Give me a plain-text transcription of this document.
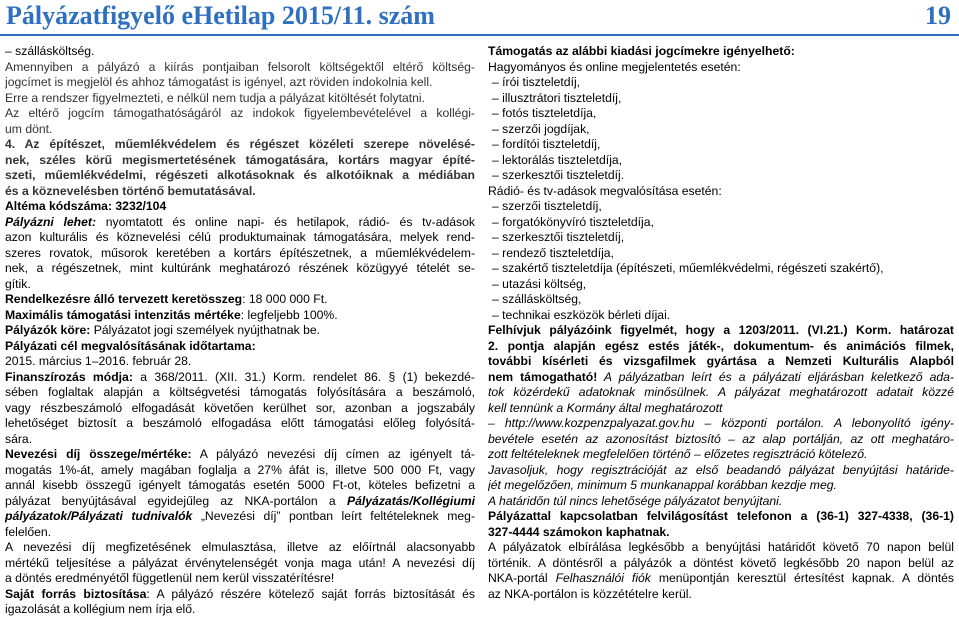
Pályázatfigyelő eHetilap 2015/11. szám	19
– szállásköltség.
Amennyiben a pályázó a kiírás pontjaiban felsorolt költségektől eltérő költség-
jogcímet is megjelöl és ahhoz támogatást is igényel, azt röviden indokolnia kell.
Erre a rendszer figyelmezteti, e nélkül nem tudja a pályázat kitöltését folytatni.
Az eltérő jogcím támogathatóságáról az indokok figyelembevételével a kollégi-
um dönt.
4. Az építészet, műemlékvédelem és régészet közéleti szerepe növelésé-
nek, széles körű megismertetésének támogatására, kortárs magyar építé-
szeti, műemlékvédelmi, régészeti alkotásoknak és alkotóiknak a médiában
és a köznevelésben történő bemutatásával.
Altéma kódszáma: 3232/104
Pályázni lehet: nyomtatott és online napi- és hetilapok, rádió- és tv-adások
azon kulturális és köznevelési célú produktumainak támogatására, melyek rend-
szeres rovatok, műsorok keretében a kortárs építészetnek, a műemlékvédelem-
nek, a régészetnek, mint kultúránk meghatározó részének közügyyé tételét se-
gítik.
Rendelkezésre álló tervezett keretösszeg: 18 000 000 Ft.
Maximális támogatási intenzitás mértéke: legfeljebb 100%.
Pályázók köre: Pályázatot jogi személyek nyújthatnak be.
Pályázati cél megvalósításának időtartama:
2015. március 1–2016. február 28.
Finanszírozás módja: a 368/2011. (XII. 31.) Korm. rendelet 86. § (1) bekezdé-
sében foglaltak alapján a költségvetési támogatás folyósítására a beszámoló,
vagy részbeszámoló elfogadását követően kerülhet sor, azonban a jogszabály
lehetőséget biztosít a beszámoló elfogadása előtt támogatási előleg folyósítá-
sára.
Nevezési díj összege/mértéke: A pályázó nevezési díj címen az igényelt tá-
mogatás 1%-át, amely magában foglalja a 27% áfát is, illetve 500 000 Ft, vagy
annál kisebb összegű igényelt támogatás esetén 5000 Ft-ot, köteles befizetni a
pályázat benyújtásával egyidejűleg az NKA-portálon a Pályázatás/Kollégiumi
pályázatok/Pályázati tudnivalók „Nevezési díj” pontban leírt feltételeknek meg-
felelően.
A nevezési díj megfizetésének elmulasztása, illetve az előírtnál alacsonyabb
mértékű teljesítése a pályázat érvénytelenségét vonja maga után! A nevezési díj
a döntés eredményétől függetlenül nem kerül visszatérítésre!
Saját forrás biztosítása: A pályázó részére kötelező saját forrás biztosítását és
igazolását a kollégium nem írja elő.
Támogatás az alábbi kiadási jogcímekre igényelhető:
Hagyományos és online megjelentetés esetén:
– írói tiszteletdíj,
– illusztrátori tiszteletdíj,
– fotós tiszteletdíja,
– szerzői jogdíjak,
– fordítói tiszteletdíj,
– lektorálás tiszteletdíja,
– szerkesztői tiszteletdíj.
Rádió- és tv-adások megvalósítása esetén:
– szerzői tiszteletdíj,
– forgatókönyvíró tiszteletdíja,
– szerkesztői tiszteletdíj,
– rendező tiszteletdíja,
– szakértő tiszteletdíja (építészeti, műemlékvédelmi, régészeti szakértő),
– utazási költség,
– szállásköltség,
– technikai eszközök bérleti díjai.
Felhívjuk pályázóink figyelmét, hogy a 1203/2011. (VI.21.) Korm. határozat
2. pontja alapján egész estés játék-, dokumentum- és animációs filmek,
további kísérleti és vizsgafilmek gyártása a Nemzeti Kulturális Alapból
nem támogatható! A pályázatban leírt és a pályázati eljárásban keletkező ada-
tok közérdekű adatoknak minősülnek. A pályázat meghatározott adatait közzé
kell tennünk a Kormány által meghatározott
– http://www.kozpenzpalyazat.gov.hu – központi portálon. A lebonyolító igény-
bevétele esetén az azonosítást biztosító – az alap portálján, az ott meghatáro-
zott feltételeknek megfelelően történő – előzetes regisztráció kötelező.
Javasoljuk, hogy regisztrációját az első beadandó pályázat benyújtási határide-
jét megelőzően, minimum 5 munkanappal korábban kezdje meg.
A határidőn túl nincs lehetősége pályázatot benyújtani.
Pályázattal kapcsolatban felvilágosítást telefonon a (36-1) 327-4338, (36-1)
327-4444 számokon kaphatnak.
A pályázatok elbírálása legkésőbb a benyújtási határidőt követő 70 napon belül
történik. A döntésről a pályázók a döntést követő legkésőbb 20 napon belül az
NKA-portál Felhasználói fiók menüpontján keresztül értesítést kapnak. A döntés
az NKA-portálon is közzétételre kerül.
